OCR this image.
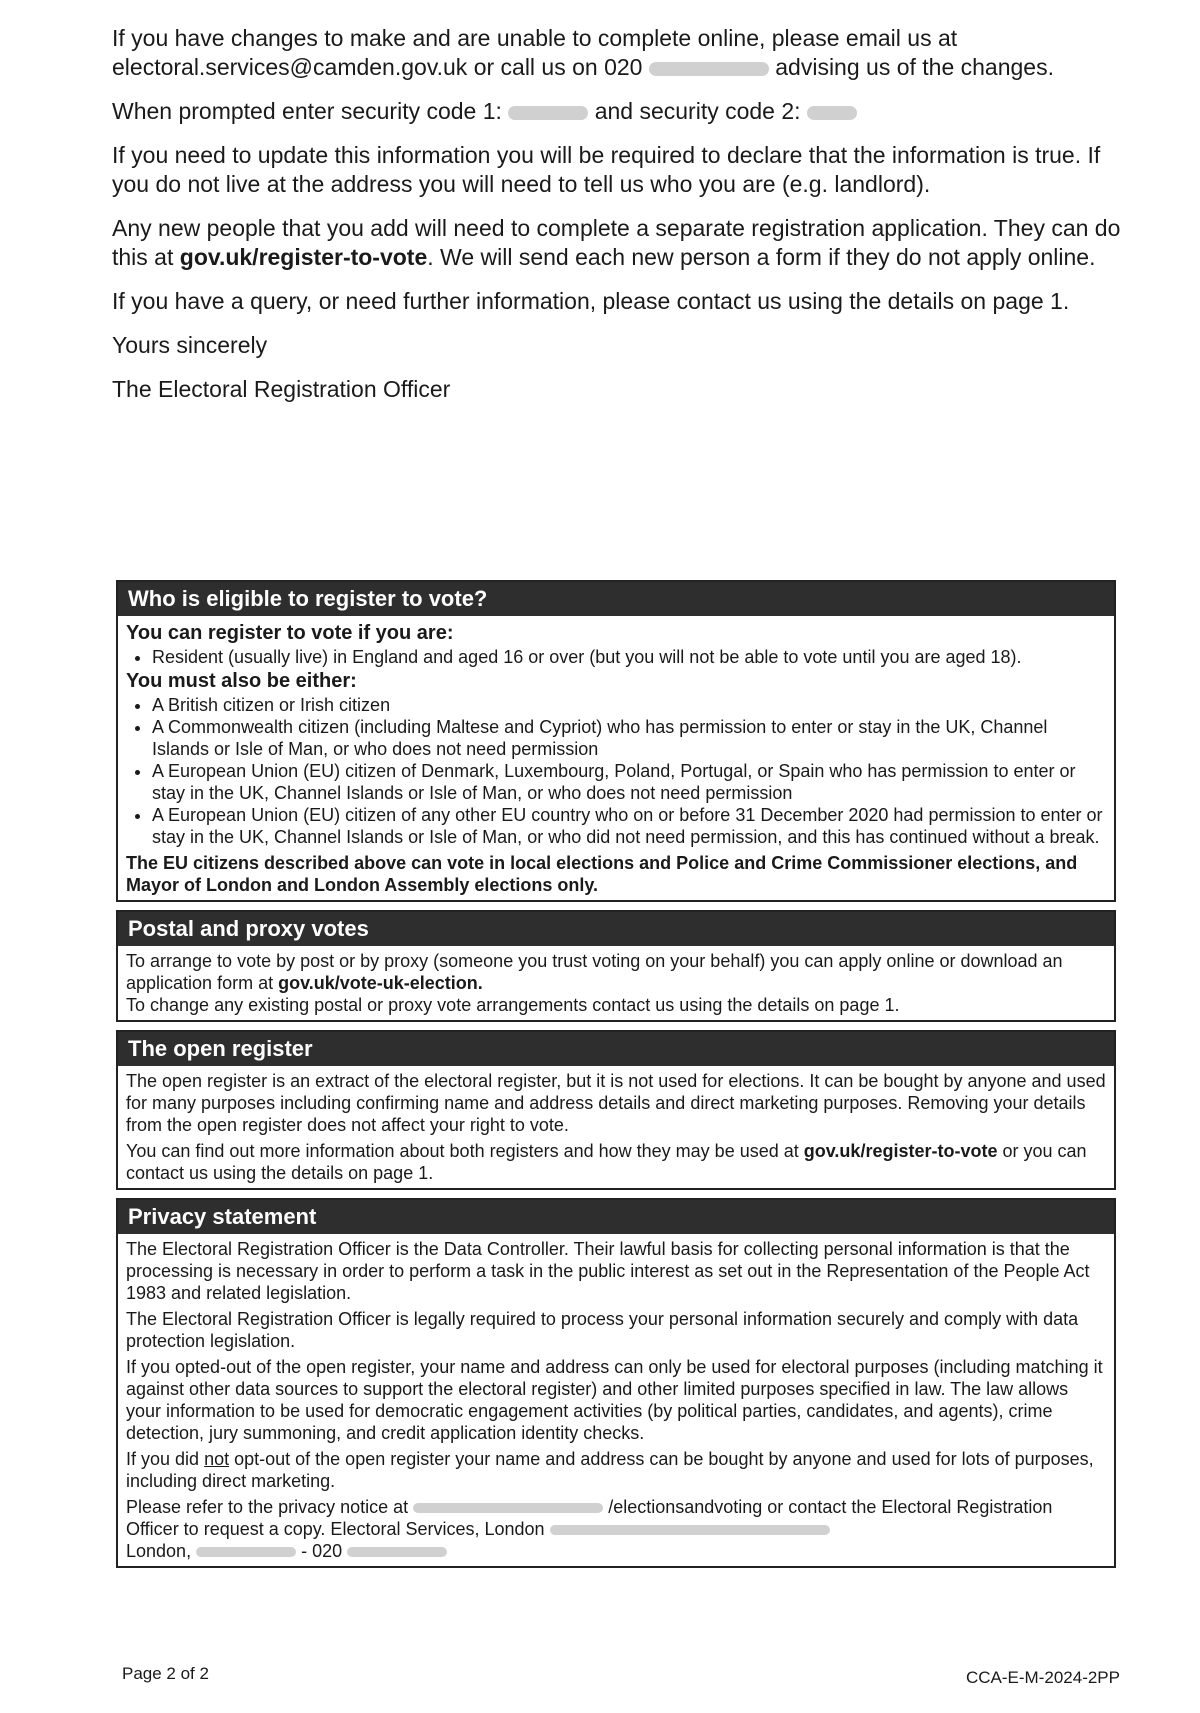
If you have changes to make and are unable to complete online, please email us at electoral.services@camden.gov.uk or call us on 020	advising us of the changes.

When prompted enter security code 1:	and security code 2:

If you need to update this information you will be required to declare that the information is true. If you do not live at the address you will need to tell us who you are (e.g. landlord).

Any new people that you add will need to complete a separate registration application. They can do this at gov.uk/register-to-vote. We will send each new person a form if they do not apply online.

If you have a query, or need further information, please contact us using the details on page 1.

Yours sincerely

The Electoral Registration Officer

Who is eligible to register to vote?
You can register to vote if you are:
• Resident (usually live) in England and aged 16 or over (but you will not be able to vote until you are aged 18).
You must also be either:
• A British citizen or Irish citizen
• A Commonwealth citizen (including Maltese and Cypriot) who has permission to enter or stay in the UK, Channel Islands or Isle of Man, or who does not need permission
• A European Union (EU) citizen of Denmark, Luxembourg, Poland, Portugal, or Spain who has permission to enter or stay in the UK, Channel Islands or Isle of Man, or who does not need permission
• A European Union (EU) citizen of any other EU country who on or before 31 December 2020 had permission to enter or stay in the UK, Channel Islands or Isle of Man, or who did not need permission, and this has continued without a break.
The EU citizens described above can vote in local elections and Police and Crime Commissioner elections, and Mayor of London and London Assembly elections only.
Postal and proxy votes
To arrange to vote by post or by proxy (someone you trust voting on your behalf) you can apply online or download an application form at gov.uk/vote-uk-election.
To change any existing postal or proxy vote arrangements contact us using the details on page 1.
The open register
The open register is an extract of the electoral register, but it is not used for elections. It can be bought by anyone and used for many purposes including confirming name and address details and direct marketing purposes. Removing your details from the open register does not affect your right to vote.
You can find out more information about both registers and how they may be used at gov.uk/register-to-vote or you can contact us using the details on page 1.
Privacy statement
The Electoral Registration Officer is the Data Controller. Their lawful basis for collecting personal information is that the processing is necessary in order to perform a task in the public interest as set out in the Representation of the People Act 1983 and related legislation.
The Electoral Registration Officer is legally required to process your personal information securely and comply with data protection legislation.
If you opted-out of the open register, your name and address can only be used for electoral purposes (including matching it against other data sources to support the electoral register) and other limited purposes specified in law. The law allows your information to be used for democratic engagement activities (by political parties, candidates, and agents), crime detection, jury summoning, and credit application identity checks.
If you did not opt-out of the open register your name and address can be bought by anyone and used for lots of purposes, including direct marketing.
Please refer to the privacy notice at	/electionsandvoting or contact the Electoral Registration Officer to request a copy. Electoral Services, London
London,	- 020
Page 2 of 2	CCA-E-M-2024-2PP
